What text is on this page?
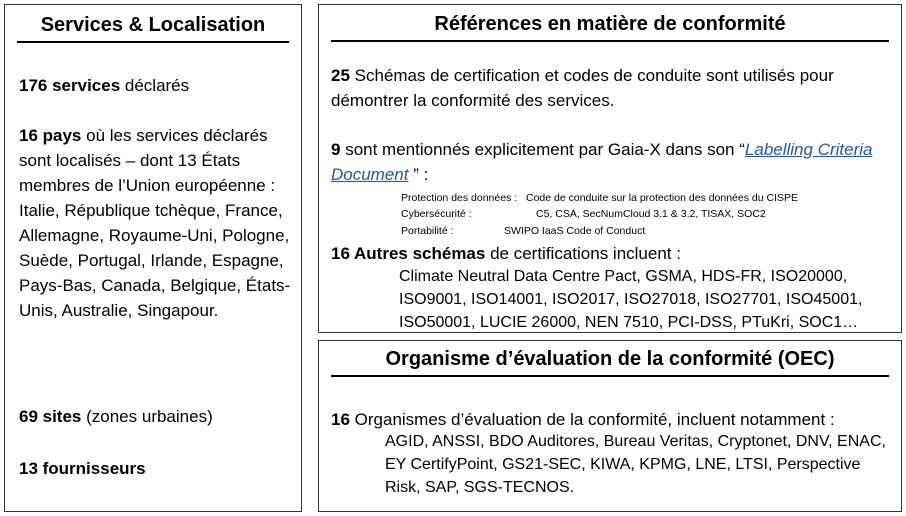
Services & Localisation
176 services déclarés
16 pays où les services déclarés sont localisés – dont 13 États membres de l’Union européenne : Italie, République tchèque, France, Allemagne, Royaume-Uni, Pologne, Suède, Portugal, Irlande, Espagne, Pays-Bas, Canada, Belgique, États-Unis, Australie, Singapour.
69 sites (zones urbaines)
13 fournisseurs
Références en matière de conformité
25 Schémas de certification et codes de conduite sont utilisés pour démontrer la conformité des services.
9 sont mentionnés explicitement par Gaia-X dans son “Labelling Criteria Document ” :
Protection des données : Code de conduite sur la protection des données du CISPE
Cybersécurité :	C5, CSA, SecNumCloud 3.1 & 3.2, TISAX, SOC2
Portabilité :	SWIPO IaaS Code of Conduct
16 Autres schémas de certifications incluent :
Climate Neutral Data Centre Pact, GSMA, HDS-FR, ISO20000, ISO9001, ISO14001, ISO2017, ISO27018, ISO27701, ISO45001, ISO50001, LUCIE 26000, NEN 7510, PCI-DSS, PTuKri, SOC1…
Organisme d’évaluation de la conformité (OEC)
16 Organismes d’évaluation de la conformité, incluent notamment :
AGID, ANSSI, BDO Auditores, Bureau Veritas, Cryptonet, DNV, ENAC, EY CertifyPoint, GS21-SEC, KIWA, KPMG, LNE, LTSI, Perspective Risk, SAP, SGS-TECNOS.
